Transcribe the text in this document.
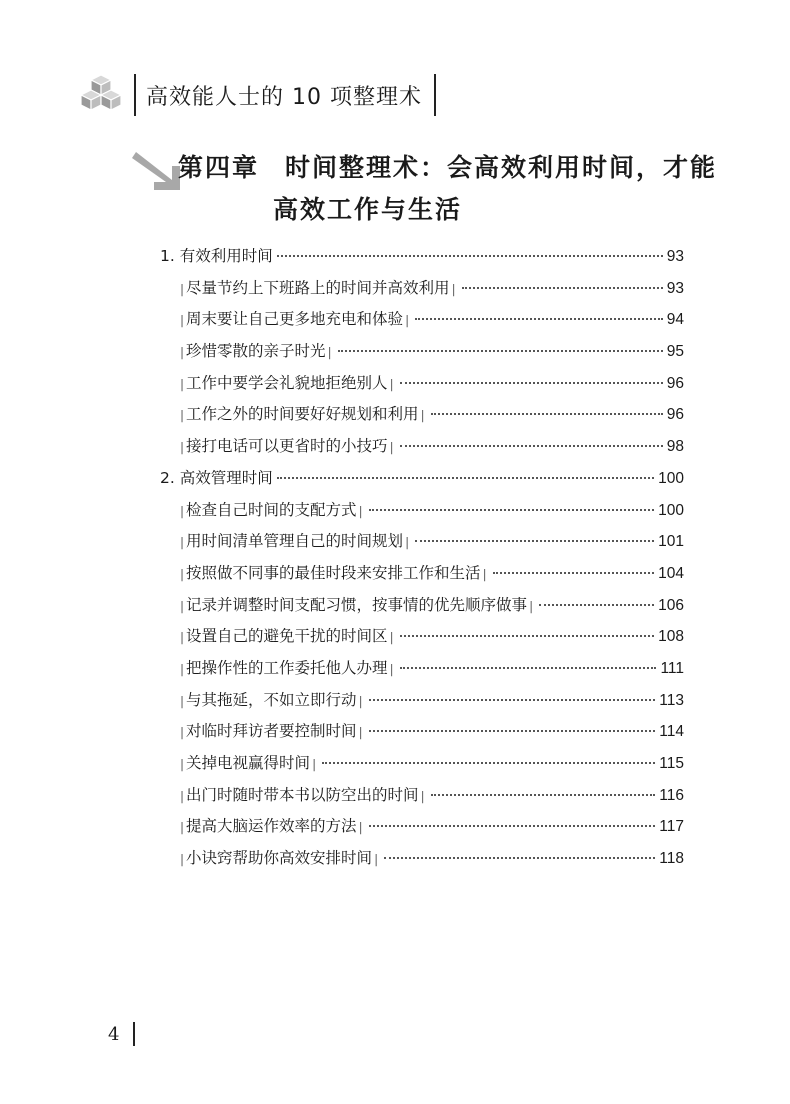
高效能人士的 10 项整理术
第四章 时间整理术：会高效利用时间，才能
高效工作与生活
1. 有效利用时间	93
| 尽量节约上下班路上的时间并高效利用 |	93
| 周末要让自己更多地充电和体验 |	94
| 珍惜零散的亲子时光 |	95
| 工作中要学会礼貌地拒绝别人 |	96
| 工作之外的时间要好好规划和利用 |	96
| 接打电话可以更省时的小技巧 |	98
2. 高效管理时间	100
| 检查自己时间的支配方式 |	100
| 用时间清单管理自己的时间规划 |	101
| 按照做不同事的最佳时段来安排工作和生活 |	104
| 记录并调整时间支配习惯，按事情的优先顺序做事 |	106
| 设置自己的避免干扰的时间区 |	108
| 把操作性的工作委托他人办理 |	111
| 与其拖延，不如立即行动 |	113
| 对临时拜访者要控制时间 |	114
| 关掉电视赢得时间 |	115
| 出门时随时带本书以防空出的时间 |	116
| 提高大脑运作效率的方法 |	117
| 小诀窍帮助你高效安排时间 |	118
4
